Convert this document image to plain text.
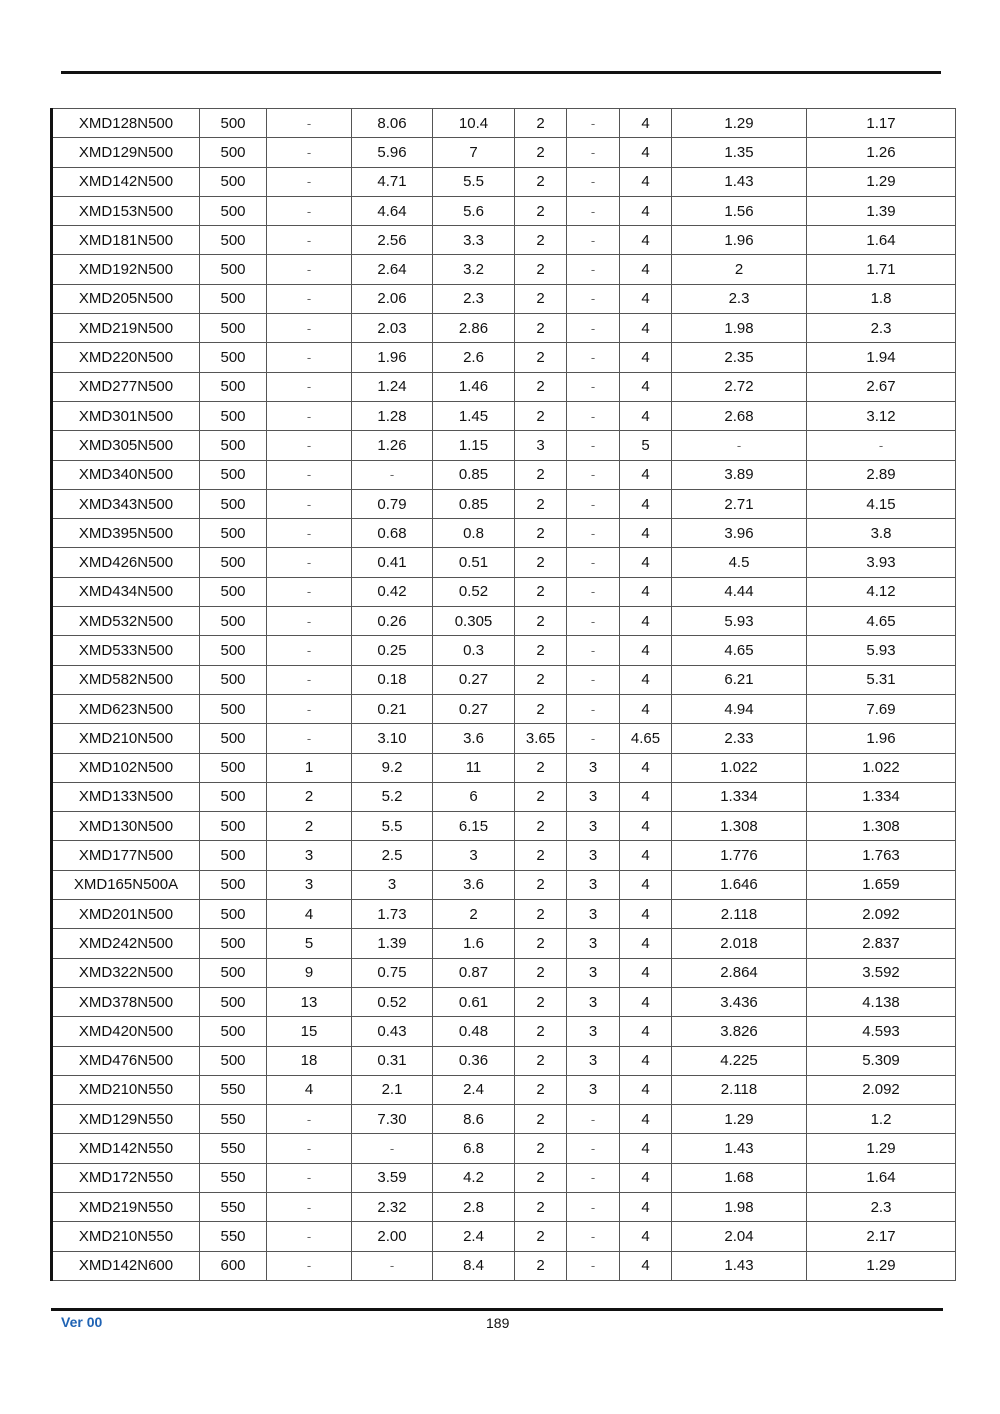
XMD128N500	500	-	8.06	10.4	2	-	4	1.29	1.17
XMD129N500	500	-	5.96	7	2	-	4	1.35	1.26
XMD142N500	500	-	4.71	5.5	2	-	4	1.43	1.29
XMD153N500	500	-	4.64	5.6	2	-	4	1.56	1.39
XMD181N500	500	-	2.56	3.3	2	-	4	1.96	1.64
XMD192N500	500	-	2.64	3.2	2	-	4	2	1.71
XMD205N500	500	-	2.06	2.3	2	-	4	2.3	1.8
XMD219N500	500	-	2.03	2.86	2	-	4	1.98	2.3
XMD220N500	500	-	1.96	2.6	2	-	4	2.35	1.94
XMD277N500	500	-	1.24	1.46	2	-	4	2.72	2.67
XMD301N500	500	-	1.28	1.45	2	-	4	2.68	3.12
XMD305N500	500	-	1.26	1.15	3	-	5	-	-
XMD340N500	500	-	-	0.85	2	-	4	3.89	2.89
XMD343N500	500	-	0.79	0.85	2	-	4	2.71	4.15
XMD395N500	500	-	0.68	0.8	2	-	4	3.96	3.8
XMD426N500	500	-	0.41	0.51	2	-	4	4.5	3.93
XMD434N500	500	-	0.42	0.52	2	-	4	4.44	4.12
XMD532N500	500	-	0.26	0.305	2	-	4	5.93	4.65
XMD533N500	500	-	0.25	0.3	2	-	4	4.65	5.93
XMD582N500	500	-	0.18	0.27	2	-	4	6.21	5.31
XMD623N500	500	-	0.21	0.27	2	-	4	4.94	7.69
XMD210N500	500	-	3.10	3.6	3.65	-	4.65	2.33	1.96
XMD102N500	500	1	9.2	11	2	3	4	1.022	1.022
XMD133N500	500	2	5.2	6	2	3	4	1.334	1.334
XMD130N500	500	2	5.5	6.15	2	3	4	1.308	1.308
XMD177N500	500	3	2.5	3	2	3	4	1.776	1.763
XMD165N500A	500	3	3	3.6	2	3	4	1.646	1.659
XMD201N500	500	4	1.73	2	2	3	4	2.118	2.092
XMD242N500	500	5	1.39	1.6	2	3	4	2.018	2.837
XMD322N500	500	9	0.75	0.87	2	3	4	2.864	3.592
XMD378N500	500	13	0.52	0.61	2	3	4	3.436	4.138
XMD420N500	500	15	0.43	0.48	2	3	4	3.826	4.593
XMD476N500	500	18	0.31	0.36	2	3	4	4.225	5.309
XMD210N550	550	4	2.1	2.4	2	3	4	2.118	2.092
XMD129N550	550	-	7.30	8.6	2	-	4	1.29	1.2
XMD142N550	550	-	-	6.8	2	-	4	1.43	1.29
XMD172N550	550	-	3.59	4.2	2	-	4	1.68	1.64
XMD219N550	550	-	2.32	2.8	2	-	4	1.98	2.3
XMD210N550	550	-	2.00	2.4	2	-	4	2.04	2.17
XMD142N600	600	-	-	8.4	2	-	4	1.43	1.29
Ver 00	189
